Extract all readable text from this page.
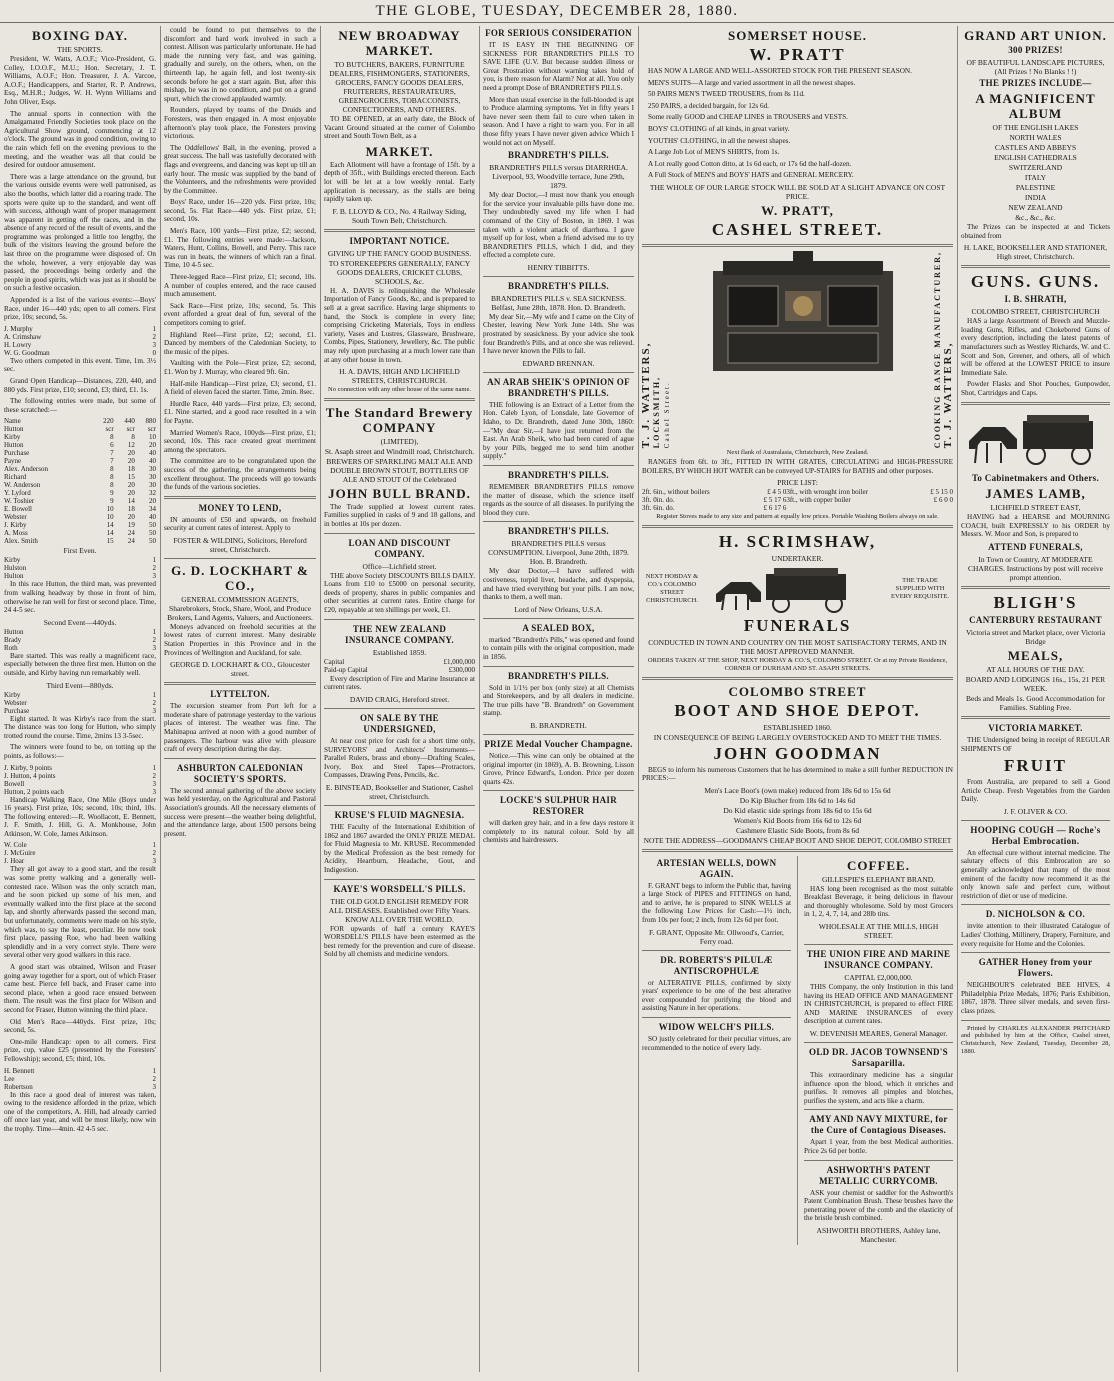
THE GLOBE, TUESDAY, DECEMBER 28, 1880.
BOXING DAY.
THE SPORTS.

President, W. Watts, A.O.F.; Vice-President, G. Colley, I.O.O.F., M.U.; Hon. Secretary, J. T. Williams, A.O.F.; Hon. Treasurer, J. A. Varcoe, A.O.F.; Handicappers, and Starter, R. P. Andrews, Esq., M.H.R.; Judges, W. H. Wynn Williams and John Oliver, Esqs.

The annual sports in connection with the Amalgamated Friendly Societies took place on the Agricultural Show ground, commencing at 12 o'clock. The ground was in good condition, owing to the rain which fell on the evening previous to the meeting, and the weather was all that could be desired for outdoor amusement.

There was a large attendance on the ground, but the various outside events were well patronised, as also the booths, which latter did a roaring trade. The sports were quite up to the standard, and went off with success, although want of proper management was apparent in getting off the races, and in the absence of any record of the result of events, and the programme was prolonged a little too lengthy, the bulk of the visitors leaving the ground before the last three on the programme were disposed of. On the whole, however, a very enjoyable day was passed, the proceedings being orderly and the people in good spirits, which was just as it should be on such a festive occasion.

Appended is a list of the various events:—Boys' Race, under 16—440 yds; open to all comers. First prize, 10s; second, 5s.

J. Murphy	1
A. Crimshaw	2
H. Lowry	3
W. G. Goodman	0

Two others competed in this event. Time, 1m. 3½ sec.

Grand Open Handicap—Distances, 220, 440, and 880 yds. First prize, £10; second, £3; third, £1. 1s.

The following entries were made, but some of these scratched:—

Name	220	440	880
Hutton	scr	scr	scr
Kirby	8	8	10
Hutton	6	12	20
Purchase	7	20	40
Payne	7	20	40
Alex. Anderson	8	18	30
Richard	8	15	30
W. Anderson	8	20	30
Y. Lyford	9	20	32
W. Toshier	9	14	20
E. Bowell	10	18	34
Webster	10	20	40
J. Kirby	14	19	50
A. Moss	14	24	50
Alex. Smith	15	24	50
First Even.
Kirby	1
Hulston	2
Hulton	3

In this race Hutton, the third man, was prevented from walking headway by those in front of him, otherwise he ran well for first or second place. Time, 24 4-5 sec.

Second Event—440yds.
Hutton	1
Brady	2
Roth	3

Bare started. This was really a magnificent race, especially between the three first men. Hutton on the outside, and Kirby having run remarkably well.

Third Event—880yds.
Kirby	1
Webster	2
Purchase	3

Eight started. It was Kirby's race from the start. The distance was too long for Hutton, who simply trotted round the course. Time, 2mins 13 3-5sec.

The winners were found to be, on totting up the points, as follows:—

J. Kirby, 9 points	1
J. Hutton, 4 points	2
Bowell	3
Hutton, 2 points each	3

Handicap Walking Race, One Mile (Boys under 16 years). First prize, 10s; second, 10s; third, 10s. The following entered:—R. Woollacott, E. Bennett, J. F. Smith, J. Hill, G. A. Monkhouse, John Atkinson, W. Cole, James Atkinson.

W. Cole	1
J. McGuire	2
J. Hoar	3

They all got away to a good start, and the result was some pretty walking and a generally well-contested race. Wilson was the only scratch man, and he soon picked up some of his men, and eventually walked into the first place at the second lap, and shortly afterwards passed the second man, but unfortunately, comments were made on his style, which was, to say the least, peculiar. He now took first place, passing Roe, who had been walking splendidly and in a very correct style. There were several other very good walkers in this race.

A good start was obtained, Wilson and Fraser going away together for a sport, out of which Fraser came best. Pierce fell back, and Fraser came into second place, when a good race ensued between them. The result was the first place for Wilson and second for Fraser, Hutton winning the third place.

Old Men's Race—440yds. First prize, 10s; second, 5s.

One-mile Handicap: open to all comers. First prize, cup, value £25 (presented by the Foresters' Fellowship); second, £5; third, 10s.

H. Bennett	1
Lee	2
Robertson	3

In this race a good deal of interest was taken, owing to the residence afforded in the prize, which one of the competitors, A. Hill, had already carried off once last year, and will be most likely, now win the trophy. Time—4min. 42 4-5 sec.

could be found to put themselves to the discomfort and hard work involved in such a contest. Allison was particularly unfortunate. He had made the running very fast, and was gaining, gradually and surely, on the others, when, on the thirteenth lap, he again fell, and lost twenty-six seconds before he got a start again. But, after this mishap, he was in no condition, and put on a grand spurt, which the crowd applauded warmly.

Rounders, played by teams of the Druids and Foresters, was then engaged in. A most enjoyable afternoon's play took place, the Foresters proving victorious.

The Oddfellows' Ball, in the evening, proved a great success. The hall was tastefully decorated with flags and evergreens, and dancing was kept up till an early hour. The music was supplied by the band of the Volunteers, and the refreshments were provided by the Committee.

Boys' Race, under 16—220 yds. First prize, 10s; second, 5s. Flat Race—440 yds. First prize, £1; second, 10s.

Men's Race, 100 yards—First prize, £2; second, £1. The following entries were made:—Jackson, Waters, Hunt, Collins, Bowell, and Perry. This race was run in heats, the winners of which ran a final. Time, 10 4-5 sec.

Three-legged Race—First prize, £1; second, 10s. A number of couples entered, and the race caused much amusement.

Sack Race—First prize, 10s; second, 5s. This event afforded a great deal of fun, several of the competitors coming to grief.

Highland Reel—First prize, £2; second, £1. Danced by members of the Caledonian Society, to the music of the pipes.

Vaulting with the Pole—First prize, £2; second, £1. Won by J. Murray, who cleared 9ft. 6in.

Half-mile Handicap—First prize, £3; second, £1. A field of eleven faced the starter. Time, 2min. 8sec.

Hurdle Race, 440 yards—First prize, £3; second, £1. Nine started, and a good race resulted in a win for Payne.

Married Women's Race, 100yds—First prize, £1; second, 10s. This race created great merriment among the spectators.

The committee are to be congratulated upon the success of the gathering, the arrangements being excellent throughout. The proceeds will go towards the funds of the various societies.

MONEY TO LEND,

IN amounts of £50 and upwards, on freehold security at current rates of interest. Apply to

FOSTER & WILDING, Solicitors, Hereford street, Christchurch.
G. D. LOCKHART & CO.,
GENERAL COMMISSION AGENTS, Sharebrokers, Stock, Share, Wool, and Produce Brokers, Land Agents, Valuers, and Auctioneers.

Moneys advanced on freehold securities at the lowest rates of current interest. Many desirable Station Properties in this Province and in the Provinces of Wellington and Auckland, for sale.

GEORGE D. LOCKHART & CO., Gloucester street.
LYTTELTON.

The excursion steamer from Port left for a moderate share of patronage yesterday to the various places of interest. The weather was fine. The Mahinapua arrived at noon with a good number of passengers. The harbour was alive with pleasure craft of every description during the day.

ASHBURTON CALEDONIAN SOCIETY'S SPORTS.

The second annual gathering of the above society was held yesterday, on the Agricultural and Pastoral Association's grounds. All the necessary elements of success were present—the weather being delightful, and the attendance large, about 1500 persons being present.

NEW BROADWAY MARKET.
TO BUTCHERS, BAKERS, FURNITURE DEALERS, FISHMONGERS, STATIONERS, GROCERS, FANCY GOODS DEALERS, FRUITERERS, RESTAURATEURS, GREENGROCERS, TOBACCONISTS, CONFECTIONERS, AND OTHERS.

TO BE OPENED, at an early date, the Block of Vacant Ground situated at the corner of Colombo street and South Town Belt, as a

MARKET.

Each Allotment will have a frontage of 15ft. by a depth of 35ft., with Buildings erected thereon. Each lot will be let at a low weekly rental. Early application is necessary, as the stalls are being rapidly taken up.

F. B. LLOYD & CO., No. 4 Railway Siding, South Town Belt, Christchurch.
IMPORTANT NOTICE.
GIVING UP THE FANCY GOOD BUSINESS.
TO STOREKEEPERS GENERALLY, FANCY GOODS DEALERS, CRICKET CLUBS, SCHOOLS, &c.

H. A. DAVIS is relinquishing the Wholesale Importation of Fancy Goods, &c, and is prepared to sell at a great sacrifice. Having large shipments to hand, the Stock is complete in every line; comprising Cricketing Materials, Toys in endless variety, Vases and Lustres, Glassware, Brushware, Combs, Pipes, Stationery, Jewellery, &c. The public may rely upon purchasing at a much lower rate than at any other house in town.

H. A. DAVIS, HIGH AND LICHFIELD STREETS, CHRISTCHURCH.
No connection with any other house of the same name.
The Standard Brewery COMPANY
(LIMITED),
St. Asaph street and Windmill road, Christchurch.
BREWERS OF SPARKLING MALT ALE AND DOUBLE BROWN STOUT, BOTTLERS OF ALE AND STOUT Of the Celebrated
JOHN BULL BRAND.

The Trade supplied at lowest current rates. Families supplied in casks of 9 and 18 gallons, and in bottles at 10s per dozen.

LOAN AND DISCOUNT COMPANY.
Office—Lichfield street.

THE above Society DISCOUNTS BILLS DAILY. Loans from £10 to £5000 on personal security, deeds of property, shares in public companies and other securities at current rates. Entire charge for £20, repayable at ten shillings per week, £1.

THE NEW ZEALAND INSURANCE COMPANY.
Established 1859.
Capital	£1,000,000
Paid-up Capital	£300,000

Every description of Fire and Marine Insurance at current rates.

DAVID CRAIG, Hereford street.
ON SALE BY THE UNDERSIGNED,

At near cost price for cash for a short time only, SURVEYORS' and Architects' Instruments—Parallel Rulers, brass and ebony—Drafting Scales, Ivory, Box and Steel Tapes—Protractors, Compasses, Drawing Pens, Pencils, &c.

E. BINSTEAD, Bookseller and Stationer, Cashel street, Christchurch.
KRUSE'S FLUID MAGNESIA.

THE Faculty of the International Exhibition of 1862 and 1867 awarded the ONLY PRIZE MEDAL for Fluid Magnesia to Mr. KRUSE. Recommended by the Medical Profession as the best remedy for Acidity, Heartburn, Headache, Gout, and Indigestion.

KAYE'S WORSDELL'S PILLS.
THE OLD GOLD ENGLISH REMEDY FOR ALL DISEASES. Established over Fifty Years. KNOW ALL OVER THE WORLD.

FOR upwards of half a century KAYE'S WORSDELL'S PILLS have been esteemed as the best remedy for the prevention and cure of disease. Sold by all chemists and medicine vendors.

FOR SERIOUS CONSIDERATION

IT IS EASY IN THE BEGINNING OF SICKNESS FOR BRANDRETH'S PILLS TO SAVE LIFE (U.V. But because sudden illness or Great Prostration without warning takes hold of you, is there reason for Alarm? Not at all. You only need a prompt Dose of BRANDRETH'S PILLS.

More than usual exercise in the full-blooded is apt to Produce alarming symptoms. Yet in fifty years I have never seen them fail to cure when taken in season. And I have a right to warn you. For in all those fifty years I have never given advice Which I would not act on Myself.

BRANDRETH'S PILLS.
BRANDRETH'S PILLS versus DIARRHŒA. Liverpool, 93, Woodville terrace, June 29th, 1879.

My dear Doctor,—I must now thank you enough for the service your invaluable pills have done me. They undoubtedly saved my life when I had command of the City of Boston, in 1869. I was taken with a violent attack of diarrhœa. I gave myself up for lost, when a friend advised me to try BRANDRETH'S PILLS, which I did, and they effected a complete cure.

HENRY TIBBITTS.
BRANDRETH'S PILLS.
BRANDRETH'S PILLS v. SEA SICKNESS. Belfast, June 28th, 1878. Hon. D. Brandreth.

My dear Sir,—My wife and I came on the City of Chester, leaving New York June 14th. She was prostrated by seasickness. By your advice she took four Brandreth's Pills, and at once she was relieved. I have never known the Pills to fail.

EDWARD BRENNAN.
AN ARAB SHEIK'S OPINION OF BRANDRETH'S PILLS.

THE following is an Extract of a Letter from the Hon. Caleb Lyon, of Lonsdale, late Governor of Idaho, to Dr. Brandreth, dated June 30th, 1860:—"My dear Sir,—I have just returned from the East. An Arab Sheik, who had been cured of ague by your Pills, begged me to send him another supply."

BRANDRETH'S PILLS.

REMEMBER BRANDRETH'S PILLS remove the matter of disease, which the science itself regards as the source of all diseases. In purifying the blood they cure.

BRANDRETH'S PILLS.
BRANDRETH'S PILLS versus CONSUMPTION. Liverpool, June 20th, 1879. Hon. B. Brandreth.

My dear Doctor,—I have suffered with costiveness, torpid liver, headache, and dyspepsia, and have tried everything but your pills. I am now, thanks to them, a well man.

Lord of New Orleans, U.S.A.
A SEALED BOX,

marked "Brandreth's Pills," was opened and found to contain pills with the original composition, made in 1856.

BRANDRETH'S PILLS.

Sold in 1/1½ per box (only size) at all Chemists and Storekeepers, and by all dealers in medicine. The true pills have "B. Brandreth" on Government stamp.

B. BRANDRETH.
PRIZE Medal Voucher Champagne.

Notice.—This wine can only be obtained at the original importer (in 1869), A. B. Browning, Lisson Grove, Prince Edward's, London. Price per dozen quarts 42s.

LOCKE'S SULPHUR HAIR RESTORER

will darken grey hair, and in a few days restore it completely to its natural colour. Sold by all chemists and hairdressers.

SOMERSET HOUSE.
W. PRATT

HAS NOW A LARGE AND WELL-ASSORTED STOCK FOR THE PRESENT SEASON.

MEN'S SUITS—A large and varied assortment in all the newest shapes.

50 PAIRS MEN'S TWEED TROUSERS, from 8s 11d.

250 PAIRS, a decided bargain, for 12s 6d.

Some really GOOD and CHEAP LINES in TROUSERS and VESTS.

BOYS' CLOTHING of all kinds, in great variety.

YOUTHS' CLOTHING, in all the newest shapes.

A Large Job Lot of MEN'S SHIRTS, from 1s.

A Lot really good Cotton ditto, at 1s 6d each, or 17s 6d the half-dozen.

A Full Stock of MEN'S and BOYS' HATS and GENERAL MERCERY.

THE WHOLE OF OUR LARGE STOCK WILL BE SOLD AT A SLIGHT ADVANCE ON COST PRICE.
W. PRATT,
CASHEL STREET.
T. J. WATTERS, LOCKSMITH, Cashel Street.	COOKING RANGE MANUFACTURER, T. J. WATTERS,
Next flank of Australasia, Christchurch, New Zealand.

RANGES from 6ft. to 3ft., FITTED IN WITH GRATES, CIRCULATING and HIGH-PRESSURE BOILERS, BY WHICH HOT WATER can be conveyed UP-STAIRS for BATHS and other purposes.

PRICE LIST:
2ft. 6in., without boilers	£ 4 5 0	3ft., with wrought iron boiler	£ 5 15 0
3ft. 0in. do.	£ 5 17 6	3ft., with copper boiler	£ 6 0 0
3ft. 6in. do.	£ 6 17 6		
Register Stoves made to any size and pattern at equally low prices. Portable Washing Boilers always on sale.
H. SCRIMSHAW,
UNDERTAKER.
NEXT HOBDAY & CO.'s COLOMBO STREET CHRISTCHURCH.
THE TRADE SUPPLIED WITH EVERY REQUISITE.
FUNERALS
CONDUCTED IN TOWN AND COUNTRY ON THE MOST SATISFACTORY TERMS, AND IN THE MOST APPROVED MANNER.
ORDERS TAKEN AT THE SHOP, NEXT HOBDAY & CO.'S, COLOMBO STREET. Or at my Private Residence, CORNER OF DURHAM AND ST. ASAPH STREETS.
COLOMBO STREET
BOOT AND SHOE DEPOT.
ESTABLISHED 1860.
IN CONSEQUENCE OF BEING LARGELY OVERSTOCKED AND TO MEET THE TIMES.
JOHN GOODMAN

BEGS to inform his numerous Customers that he has determined to make a still further REDUCTION IN PRICES:—

Men's Lace Boot's (own make) reduced from 18s 6d to 15s 6d
Do Kip Blucher from 18s 6d to 14s 6d
Do Kid elastic side springs from 18s 6d to 15s 6d
Women's Kid Boots from 16s 6d to 12s 6d
Cashmere Elastic Side Boots, from 8s 6d
NOTE THE ADDRESS—GOODMAN'S CHEAP BOOT AND SHOE DEPOT, COLOMBO STREET
ARTESIAN WELLS, DOWN AGAIN.

F. GRANT begs to inform the Public that, having a large Stock of PIPES and FITTINGS on hand, and to arrive, he is prepared to SINK WELLS at the following Low Prices for Cash:—1½ inch, from 10s per foot; 2 inch, from 12s 6d per foot.

F. GRANT, Opposite Mr. Ollwood's, Carrier, Ferry road.
DR. ROBERTS'S PILULÆ ANTISCROPHULÆ

or ALTERATIVE PILLS, confirmed by sixty years' experience to be one of the best alterative ever compounded for purifying the blood and assisting Nature in her operations.

WIDOW WELCH'S PILLS.

SO justly celebrated for their peculiar virtues, are recommended to the notice of every lady.

COFFEE.
GILLESPIE'S ELEPHANT BRAND.

HAS long been recognised as the most suitable Breakfast Beverage, it being delicious in flavour and thoroughly wholesome. Sold by most Grocers in 1, 2, 4, 7, 14, and 28lb tins.

WHOLESALE AT THE MILLS, HIGH STREET.
THE UNION FIRE AND MARINE INSURANCE COMPANY.
CAPITAL £2,000,000.

THIS Company, the only Institution in this land having its HEAD OFFICE AND MANAGEMENT IN CHRISTCHURCH, is prepared to effect FIRE AND MARINE INSURANCES of every description at current rates.

W. DEVENISH MEARES, General Manager.
OLD DR. JACOB TOWNSEND'S Sarsaparilla.

This extraordinary medicine has a singular influence upon the blood, which it enriches and purifies. It removes all pimples and blotches, purifies the system, and acts like a charm.

AMY AND NAVY MIXTURE, for the Cure of Contagious Diseases.

Apart 1 year, from the best Medical authorities. Price 2s 6d per bottle.

ASHWORTH'S PATENT METALLIC CURRYCOMB.

ASK your chemist or saddler for the Ashworth's Patent Combination Brush. These brushes have the penetrating power of the comb and the elasticity of the bristle brush combined.

ASHWORTH BROTHERS, Ashley lane, Manchester.
GRAND ART UNION.
300 PRIZES!
OF BEAUTIFUL LANDSCAPE PICTURES, (All Prizes ! No Blanks ! !)
THE PRIZES INCLUDE—
A MAGNIFICENT ALBUM
OF THE ENGLISH LAKES
NORTH WALES
CASTLES AND ABBEYS
ENGLISH CATHEDRALS
SWITZERLAND
ITALY
PALESTINE
INDIA
NEW ZEALAND
&c., &c., &c.

The Prizes can be inspected at and Tickets obtained from

H. LAKE, BOOKSELLER AND STATIONER, High street, Christchurch.
GUNS. GUNS.
I. B. SHRATH,
COLOMBO STREET, CHRISTCHURCH

HAS a large Assortment of Breech and Muzzle-loading Guns, Rifles, and Chokebored Guns of every description, including the latest patents of manufacturers such as Westley Richards, W. and C. Scott and Son, Greener, and others, all of which will be offered at the LOWEST PRICE to insure Immediate Sale.

Powder Flasks and Shot Pouches, Gunpowder, Shot, Cartridges and Caps.

To Cabinetmakers and Others.
JAMES LAMB,
LICHFIELD STREET EAST,

HAVING had a HEARSE and MOURNING COACH, built EXPRESSLY to his ORDER by Messrs. W. Moor and Son, is prepared to

ATTEND FUNERALS,
In Town or Country, AT MODERATE CHARGES. Instructions by post will receive prompt attention.
BLIGH'S
CANTERBURY RESTAURANT
Victoria street and Market place, over Victoria Bridge
MEALS,
AT ALL HOURS OF THE DAY.
BOARD AND LODGINGS 16s., 15s, 21 PER WEEK.
Beds and Meals 1s. Good Accommodation for Families. Stabling Free.
VICTORIA MARKET.

THE Undersigned being in receipt of REGULAR SHIPMENTS OF

FRUIT

From Australia, are prepared to sell a Good Article Cheap. Fresh Vegetables from the Garden Daily.

J. F. OLIVER & CO.
HOOPING COUGH — Roche's Herbal Embrocation.

An effectual cure without internal medicine. The salutary effects of this Embrocation are so generally acknowledged that many of the most eminent of the faculty now recommend it as the only known safe and perfect cure, without restriction of diet or use of medicine.

D. NICHOLSON & CO.

invite attention to their illustrated Catalogue of Ladies' Clothing, Millinery, Drapery, Furniture, and every requisite for Home and the Colonies.

GATHER Honey from your Flowers.

NEIGHBOUR'S celebrated BEE HIVES, 4 Philadelphia Prize Medals, 1876; Paris Exhibition, 1867, 1878. Three silver medals, and seven first-class prizes.

Printed by CHARLES ALEXANDER PRITCHARD and published by him at the Office, Cashel street, Christchurch, New Zealand, Tuesday, December 28, 1880.
